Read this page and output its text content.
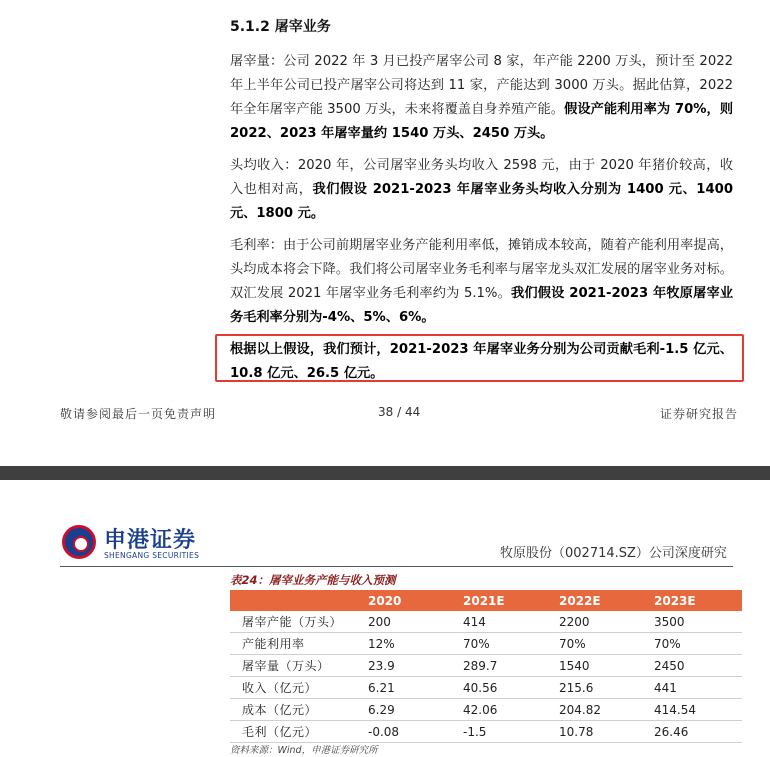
5.1.2 屠宰业务
屠宰量：公司 2022 年 3 月已投产屠宰公司 8 家，年产能 2200 万头，预计至 2022 年上半年公司已投产屠宰公司将达到 11 家，产能达到 3000 万头。据此估算，2022 年全年屠宰产能 3500 万头，未来将覆盖自身养殖产能。假设产能利用率为 70%，则 2022、2023 年屠宰量约 1540 万头、2450 万头。
头均收入：2020 年，公司屠宰业务头均收入 2598 元，由于 2020 年猪价较高，收入也相对高，我们假设 2021-2023 年屠宰业务头均收入分别为 1400 元、1400 元、1800 元。
毛利率：由于公司前期屠宰业务产能利用率低，摊销成本较高，随着产能利用率提高，头均成本将会下降。我们将公司屠宰业务毛利率与屠宰龙头双汇发展的屠宰业务对标。双汇发展 2021 年屠宰业务毛利率约为 5.1%。我们假设 2021-2023 年牧原屠宰业务毛利率分别为-4%、5%、6%。
根据以上假设，我们预计，2021-2023 年屠宰业务分别为公司贡献毛利-1.5 亿元、10.8 亿元、26.5 亿元。
敬请参阅最后一页免责声明	38 / 44	证券研究报告
申港证券
SHENGANG SECURITIES	牧原股份（002714.SZ）公司深度研究
表24：屠宰业务产能与收入预测
	2020	2021E	2022E	2023E
屠宰产能（万头）	200	414	2200	3500
产能利用率	12%	70%	70%	70%
屠宰量（万头）	23.9	289.7	1540	2450
收入（亿元）	6.21	40.56	215.6	441
成本（亿元）	6.29	42.06	204.82	414.54
毛利（亿元）	-0.08	-1.5	10.78	26.46
资料来源：Wind，申港证券研究所
